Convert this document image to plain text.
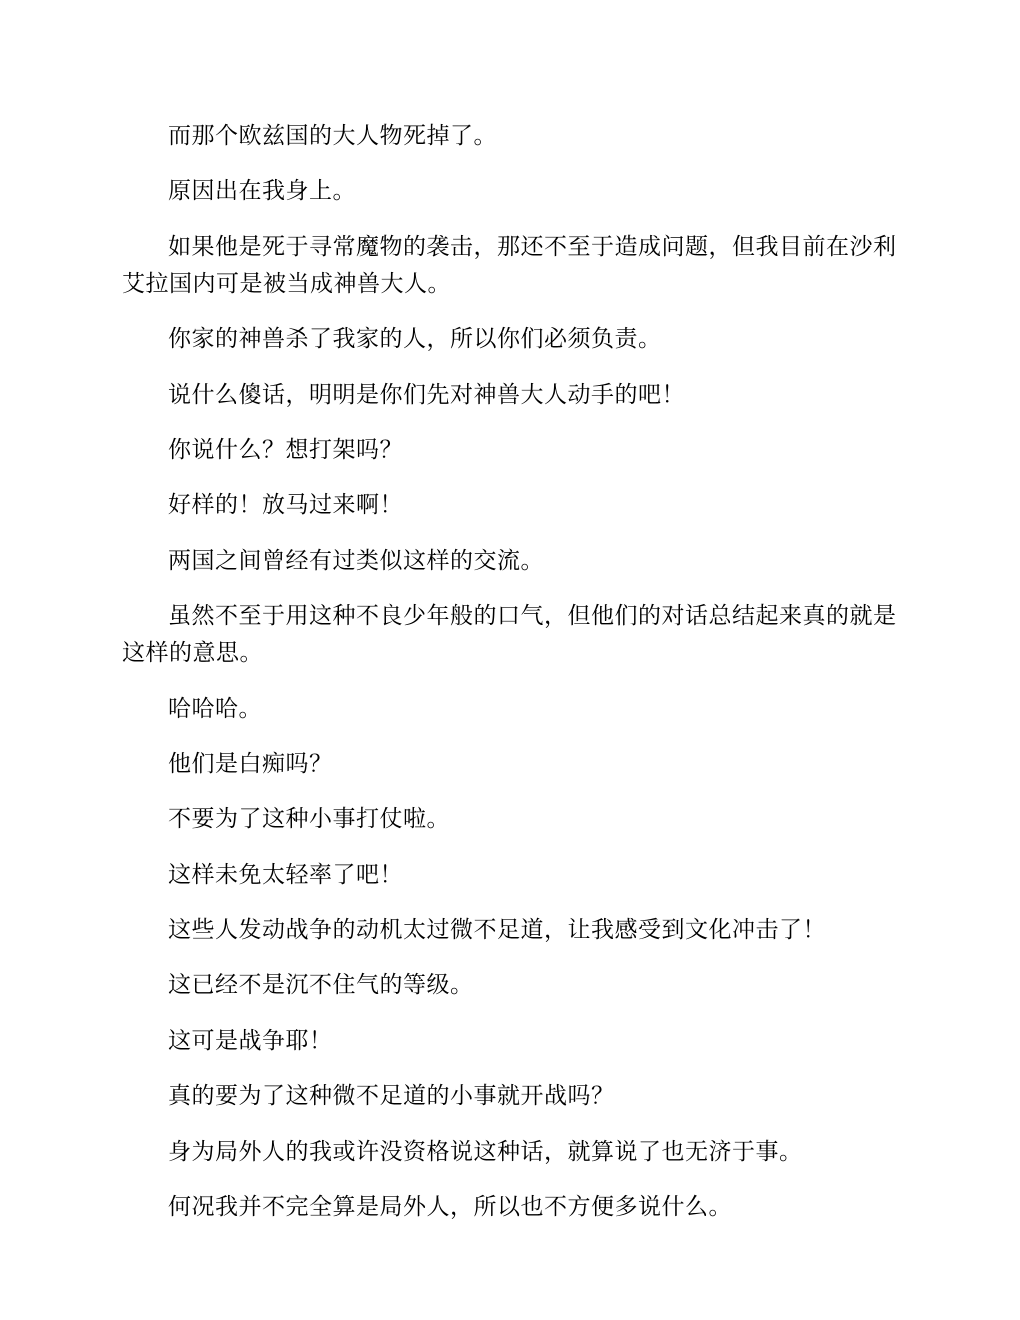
而那个欧兹国的大人物死掉了。

原因出在我身上。

如果他是死于寻常魔物的袭击，那还不至于造成问题，但我目前在沙利艾拉国内可是被当成神兽大人。

你家的神兽杀了我家的人，所以你们必须负责。

说什么傻话，明明是你们先对神兽大人动手的吧！

你说什么？想打架吗？

好样的！放马过来啊！

两国之间曾经有过类似这样的交流。

虽然不至于用这种不良少年般的口气，但他们的对话总结起来真的就是这样的意思。

哈哈哈。

他们是白痴吗？

不要为了这种小事打仗啦。

这样未免太轻率了吧！

这些人发动战争的动机太过微不足道，让我感受到文化冲击了！

这已经不是沉不住气的等级。

这可是战争耶！

真的要为了这种微不足道的小事就开战吗？

身为局外人的我或许没资格说这种话，就算说了也无济于事。

何况我并不完全算是局外人，所以也不方便多说什么。
